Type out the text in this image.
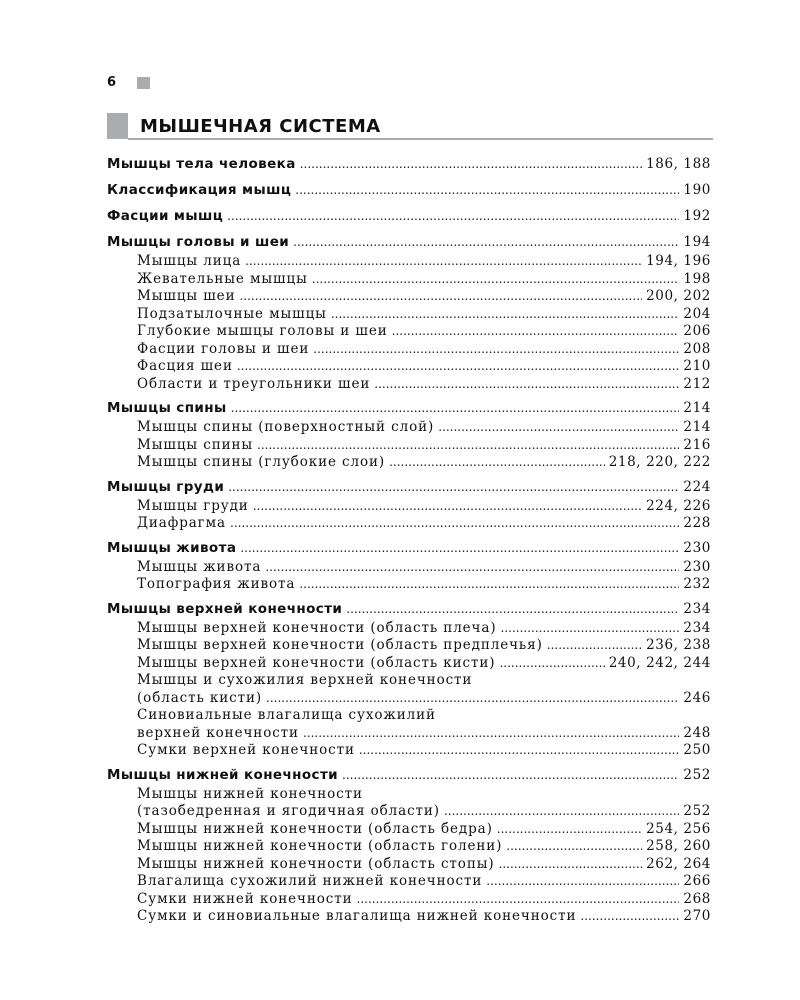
6
МЫШЕЧНАЯ СИСТЕМА
Мышцы тела человека .....	186, 188
Классификация мышц .....	190
Фасции мышц .....	192
Мышцы головы и шеи .....	194
Мышцы лица .....	194, 196
Жевательные мышцы .....	198
Мышцы шеи .....	200, 202
Подзатылочные мышцы .....	204
Глубокие мышцы головы и шеи .....	206
Фасции головы и шеи .....	208
Фасция шеи .....	210
Области и треугольники шеи .....	212
Мышцы спины .....	214
Мышцы спины (поверхностный слой) .....	214
Мышцы спины .....	216
Мышцы спины (глубокие слои) .....	218, 220, 222
Мышцы груди .....	224
Мышцы груди .....	224, 226
Диафрагма .....	228
Мышцы живота .....	230
Мышцы живота .....	230
Топография живота .....	232
Мышцы верхней конечности .....	234
Мышцы верхней конечности (область плеча) .....	234
Мышцы верхней конечности (область предплечья) .....	236, 238
Мышцы верхней конечности (область кисти) .....	240, 242, 244
Мышцы и сухожилия верхней конечности
(область кисти) .....	246
Синовиальные влагалища сухожилий
верхней конечности .....	248
Сумки верхней конечности .....	250
Мышцы нижней конечности .....	252
Мышцы нижней конечности
(тазобедренная и ягодичная области) .....	252
Мышцы нижней конечности (область бедра) .....	254, 256
Мышцы нижней конечности (область голени) .....	258, 260
Мышцы нижней конечности (область стопы) .....	262, 264
Влагалища сухожилий нижней конечности .....	266
Сумки нижней конечности .....	268
Сумки и синовиальные влагалища нижней конечности .....	270
